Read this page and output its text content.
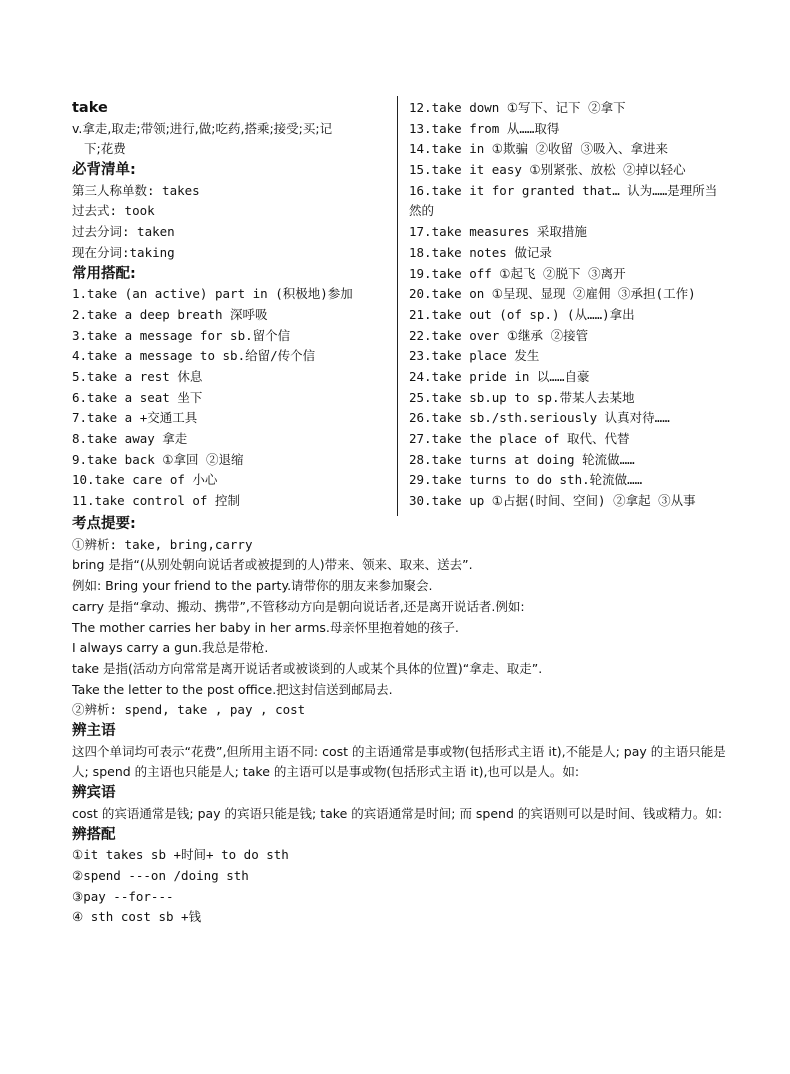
take
v.拿走,取走;带领;进行,做;吃药,搭乘;接受;买;记
下;花费
必背清单:
第三人称单数: takes
过去式: took
过去分词: taken
现在分词:taking
常用搭配:
1.take (an active) part in (积极地)参加
2.take a deep breath 深呼吸
3.take a message for sb.留个信
4.take a message to sb.给留/传个信
5.take a rest 休息
6.take a seat 坐下
7.take a +交通工具
8.take away 拿走
9.take back ①拿回 ②退缩
10.take care of 小心
11.take control of 控制
12.take down ①写下、记下 ②拿下
13.take from 从……取得
14.take in ①欺骗 ②收留 ③吸入、拿进来
15.take it easy ①别紧张、放松 ②掉以轻心
16.take it for granted that… 认为……是理所当
然的
17.take measures 采取措施
18.take notes 做记录
19.take off ①起飞 ②脱下 ③离开
20.take on ①呈现、显现 ②雇佣 ③承担(工作)
21.take out (of sp.) (从……)拿出
22.take over ①继承 ②接管
23.take place 发生
24.take pride in 以……自豪
25.take sb.up to sp.带某人去某地
26.take sb./sth.seriously 认真对待……
27.take the place of 取代、代替
28.take turns at doing 轮流做……
29.take turns to do sth.轮流做……
30.take up ①占据(时间、空间) ②拿起 ③从事
考点提要:
①辨析: take, bring,carry
bring 是指“(从别处朝向说话者或被提到的人)带来、领来、取来、送去”.
例如: Bring your friend to the party.请带你的朋友来参加聚会.
carry 是指“拿动、搬动、携带”,不管移动方向是朝向说话者,还是离开说话者.例如:
The mother carries her baby in her arms.母亲怀里抱着她的孩子.
I always carry a gun.我总是带枪.
take 是指(活动方向常常是离开说话者或被谈到的人或某个具体的位置)“拿走、取走”.
Take the letter to the post office.把这封信送到邮局去.
②辨析: spend, take , pay , cost
辨主语
这四个单词均可表示“花费”,但所用主语不同: cost 的主语通常是事或物(包括形式主语 it),不能是人; pay 的主语只能是人; spend 的主语也只能是人; take 的主语可以是事或物(包括形式主语 it),也可以是人。如:
辨宾语
cost 的宾语通常是钱; pay 的宾语只能是钱; take 的宾语通常是时间; 而 spend 的宾语则可以是时间、钱或精力。如:
辨搭配
①it takes sb +时间+ to do sth
②spend ---on /doing sth
③pay --for---
④ sth cost sb +钱
